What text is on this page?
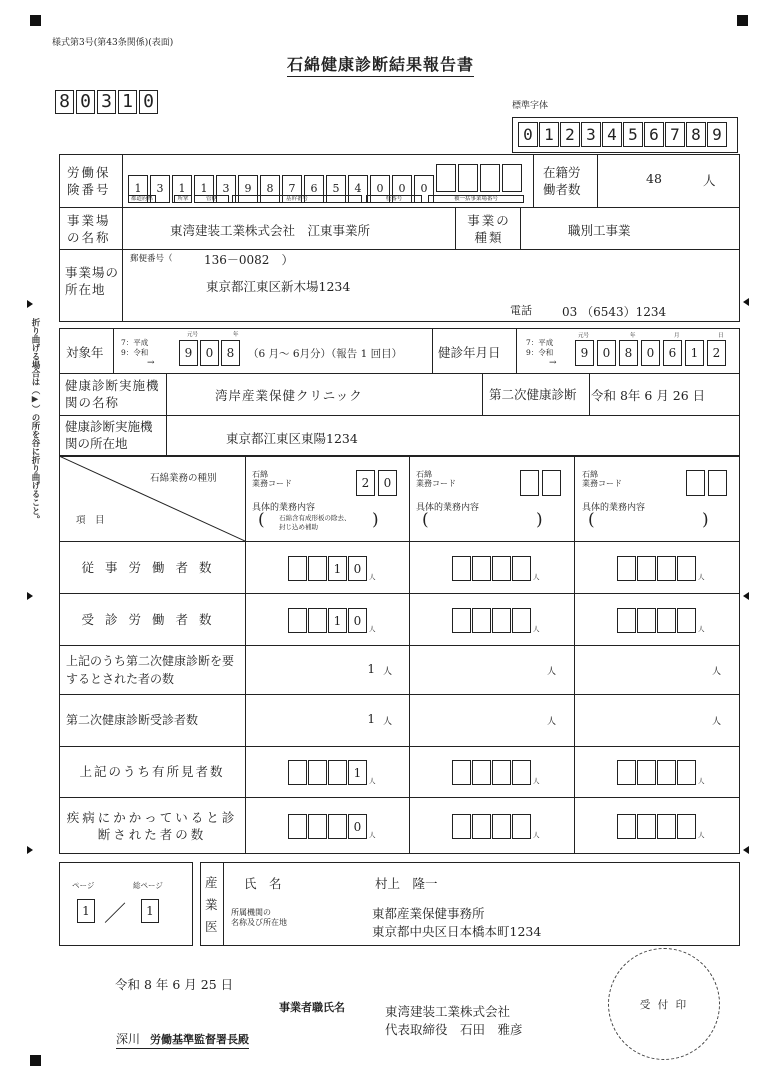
折り曲げる場合は（▶）の所を谷に折り曲げること。
様式第3号(第43条関係)(表面)
石綿健康診断結果報告書
8 0 3 1 0	標準字体
0 1 2 3 4 5 6 7 8 9
労働保険番号	1 3 1 1 3 9 8 7 6 5 4 0 0 0
都道府県	所掌	管轄	基幹番号	枝番号	被一括事業場番号
在籍労働者数
48	人
事業場の名称	東湾建装工業株式会社　江東事業所
事業の種類	職別工事業
事業場の所在地
郵便番号（	136－0082　）
東京都江東区新木場1234
電話	03 （6543）1234
対象年
7：平成
9：令和
→
元号	年
9 0 8	（6 月～ 6月分）（報告 1 回目）	健診年月日
7：平成
9：令和
→
元号	年	月	日
9 0 8 0 6 1 2
健康診断実施機関の名称	湾岸産業保健クリニック	第二次健康診断 令和 8年 6 月 26 日
健康診断実施機関の所在地	東京都江東区東陽1234
石綿業務の種別
項　目
石綿
業務コード	2 0
具体的業務内容
(	)
石綿含有成形板の除去、
封じ込め補助
石綿
業務コード
具体的業務内容
(	)
石綿
業務コード
具体的業務内容
(	)
従事労働者数	1 0人	人	人
受診労働者数	1 0人	人	人
上記のうち第二次健康診断を要するとされた者の数
1 人	人	人
第二次健康診断受診者数	1 人	人	人
上記のうち有所見者数	1人	人	人
疾病にかかっていると診断された者の数	0人	人	人
ページ	総ページ
1 ／	1
産業医
氏　名	村上　隆一
所属機関の
名称及び所在地
東都産業保健事務所
東京都中央区日本橋本町1234
令和 8 年 6 月 25 日
事業者職氏名	東湾建装工業株式会社
代表取締役　石田　雅彦
深川 労働基準監督署長殿
受 付 印
